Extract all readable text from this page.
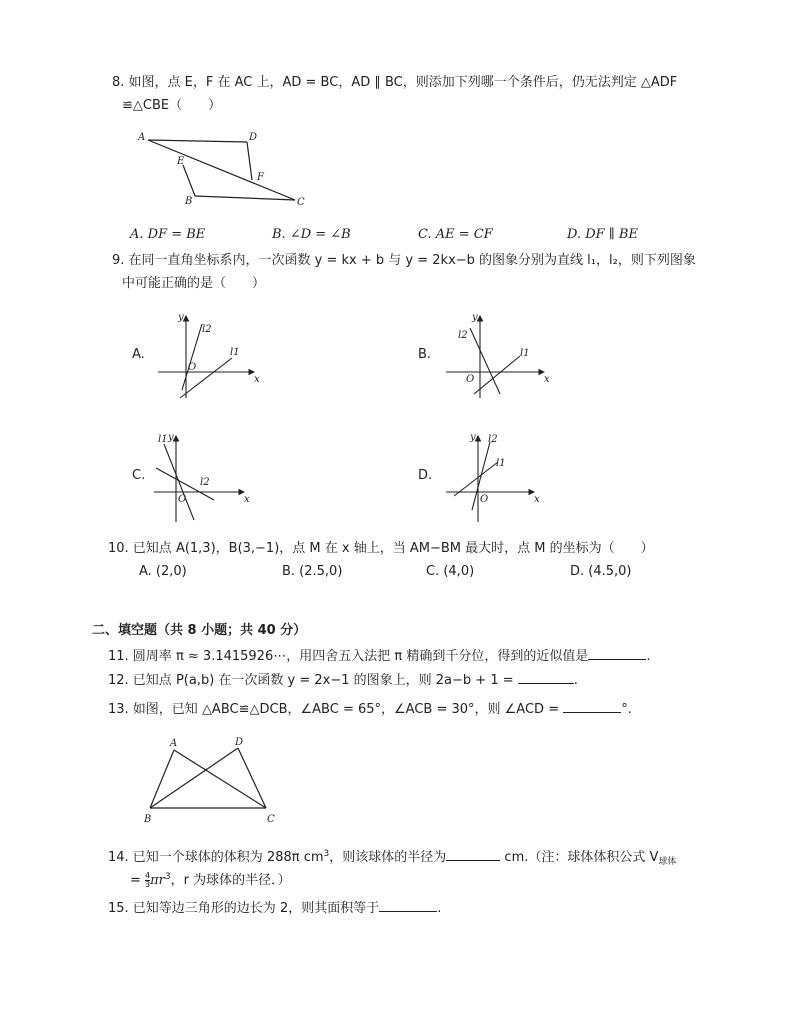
8. 如图，点 E，F 在 AC 上，AD = BC，AD ∥ BC，则添加下列哪一个条件后，仍无法判定 △ADF
≌△CBE（　　）
A	D
E
F
B	C
A. DF = BE	B. ∠D = ∠B	C. AE = CF	D. DF ∥ BE
9. 在同一直角坐标系内，一次函数 y = kx + b 与 y = 2kx−b 的图象分别为直线 l₁，l₂，则下列图象
中可能正确的是（　　）
A.
x
y
O
l2
l1	B.
x
y
O
l2
l1
C.
x
y
O
l1
l2	D.
x
y
O
l2
l1
10. 已知点 A(1,3)，B(3,−1)，点 M 在 x 轴上，当 AM−BM 最大时，点 M 的坐标为（　　）
A. (2,0)	B. (2.5,0)	C. (4,0)	D. (4.5,0)
二、填空题（共 8 小题；共 40 分）
11. 圆周率 π ≈ 3.1415926⋯，用四舍五入法把 π 精确到千分位，得到的近似值是	.
12. 已知点 P(a,b) 在一次函数 y = 2x−1 的图象上，则 2a−b + 1 =	.
13. 如图，已知 △ABC≌△DCB，∠ABC = 65°，∠ACB = 30°，则 ∠ACD =	°.
A	D
B	C
14. 已知一个球体的体积为 288π $cm^3$，则该球体的半径为	cm.（注：球体体积公式 $V_{球体}$
= $\frac{4}{3} \pi r^3$，r 为球体的半径．）
15. 已知等边三角形的边长为 2，则其面积等于	.
